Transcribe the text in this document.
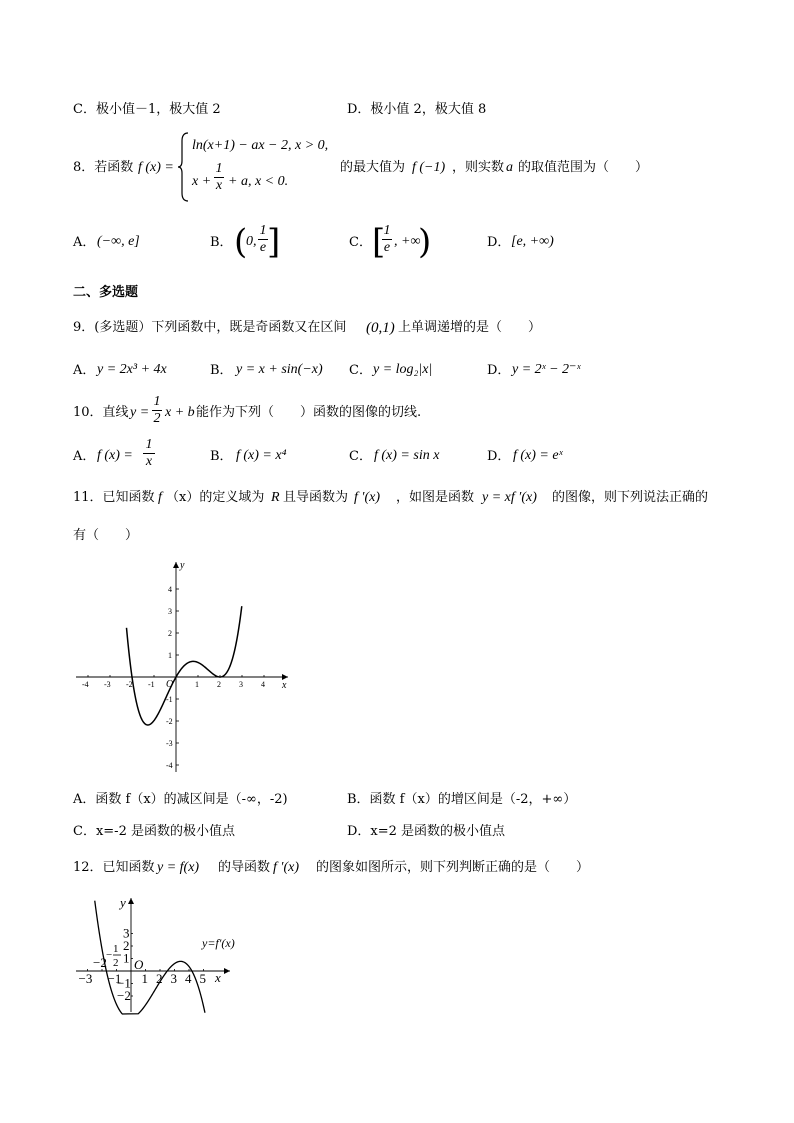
C．极小值－1，极大值 2	D．极小值 2，极大值 8
8．若函数 f (x) =
ln(x+1) − ax − 2, x > 0,
$x + \frac{1}{x} + a$, x < 0.
的最大值为 f (−1) ，则实数 a 的取值范围为（　　）
A． (−∞, e]	B． (
0, $\frac{1}{e}$ ]	C． [
$\frac{1}{e}$ , +∞
)	D． [e, +∞)
二、多选题
9．(多选题）下列函数中，既是奇函数又在区间 (0,1) 上单调递增的是（　　）
A． y = 2x³ + 4x	B． y = x + sin(−x) C． y = log₂|x|	D． y = 2ˣ − 2⁻ˣ
10．直线 $y = \frac{1}{2}$ x + b 能作为下列（　　）函数的图像的切线.
A． f $(x) = \frac{1}{x}$	B． f (x) = x⁴	C． f (x) = sin x	D． f (x) = eˣ
11．已知函数 f （x）的定义域为 R 且导函数为 f ′(x) ，如图是函数 y = xf ′(x) 的图像，则下列说法正确的
有（　　）
-4 -3 -2 -1	1 2 3 4
4
3
2
1
-1
-2
-3
-4
y
x
O
A．函数 f（x）的减区间是（-∞，-2)	B．函数 f（x）的增区间是（-2，+∞）
C．x=-2 是函数的极小值点	D．x=2 是函数的极小值点
12．已知函数 y = f(x) 的导函数 f ′(x) 的图象如图所示，则下列判断正确的是（　　）
−3
−2
−1 1 2 3 4 5
3
2
1
−1
−2
y
x
O
y=f′(x)
1
2
−
